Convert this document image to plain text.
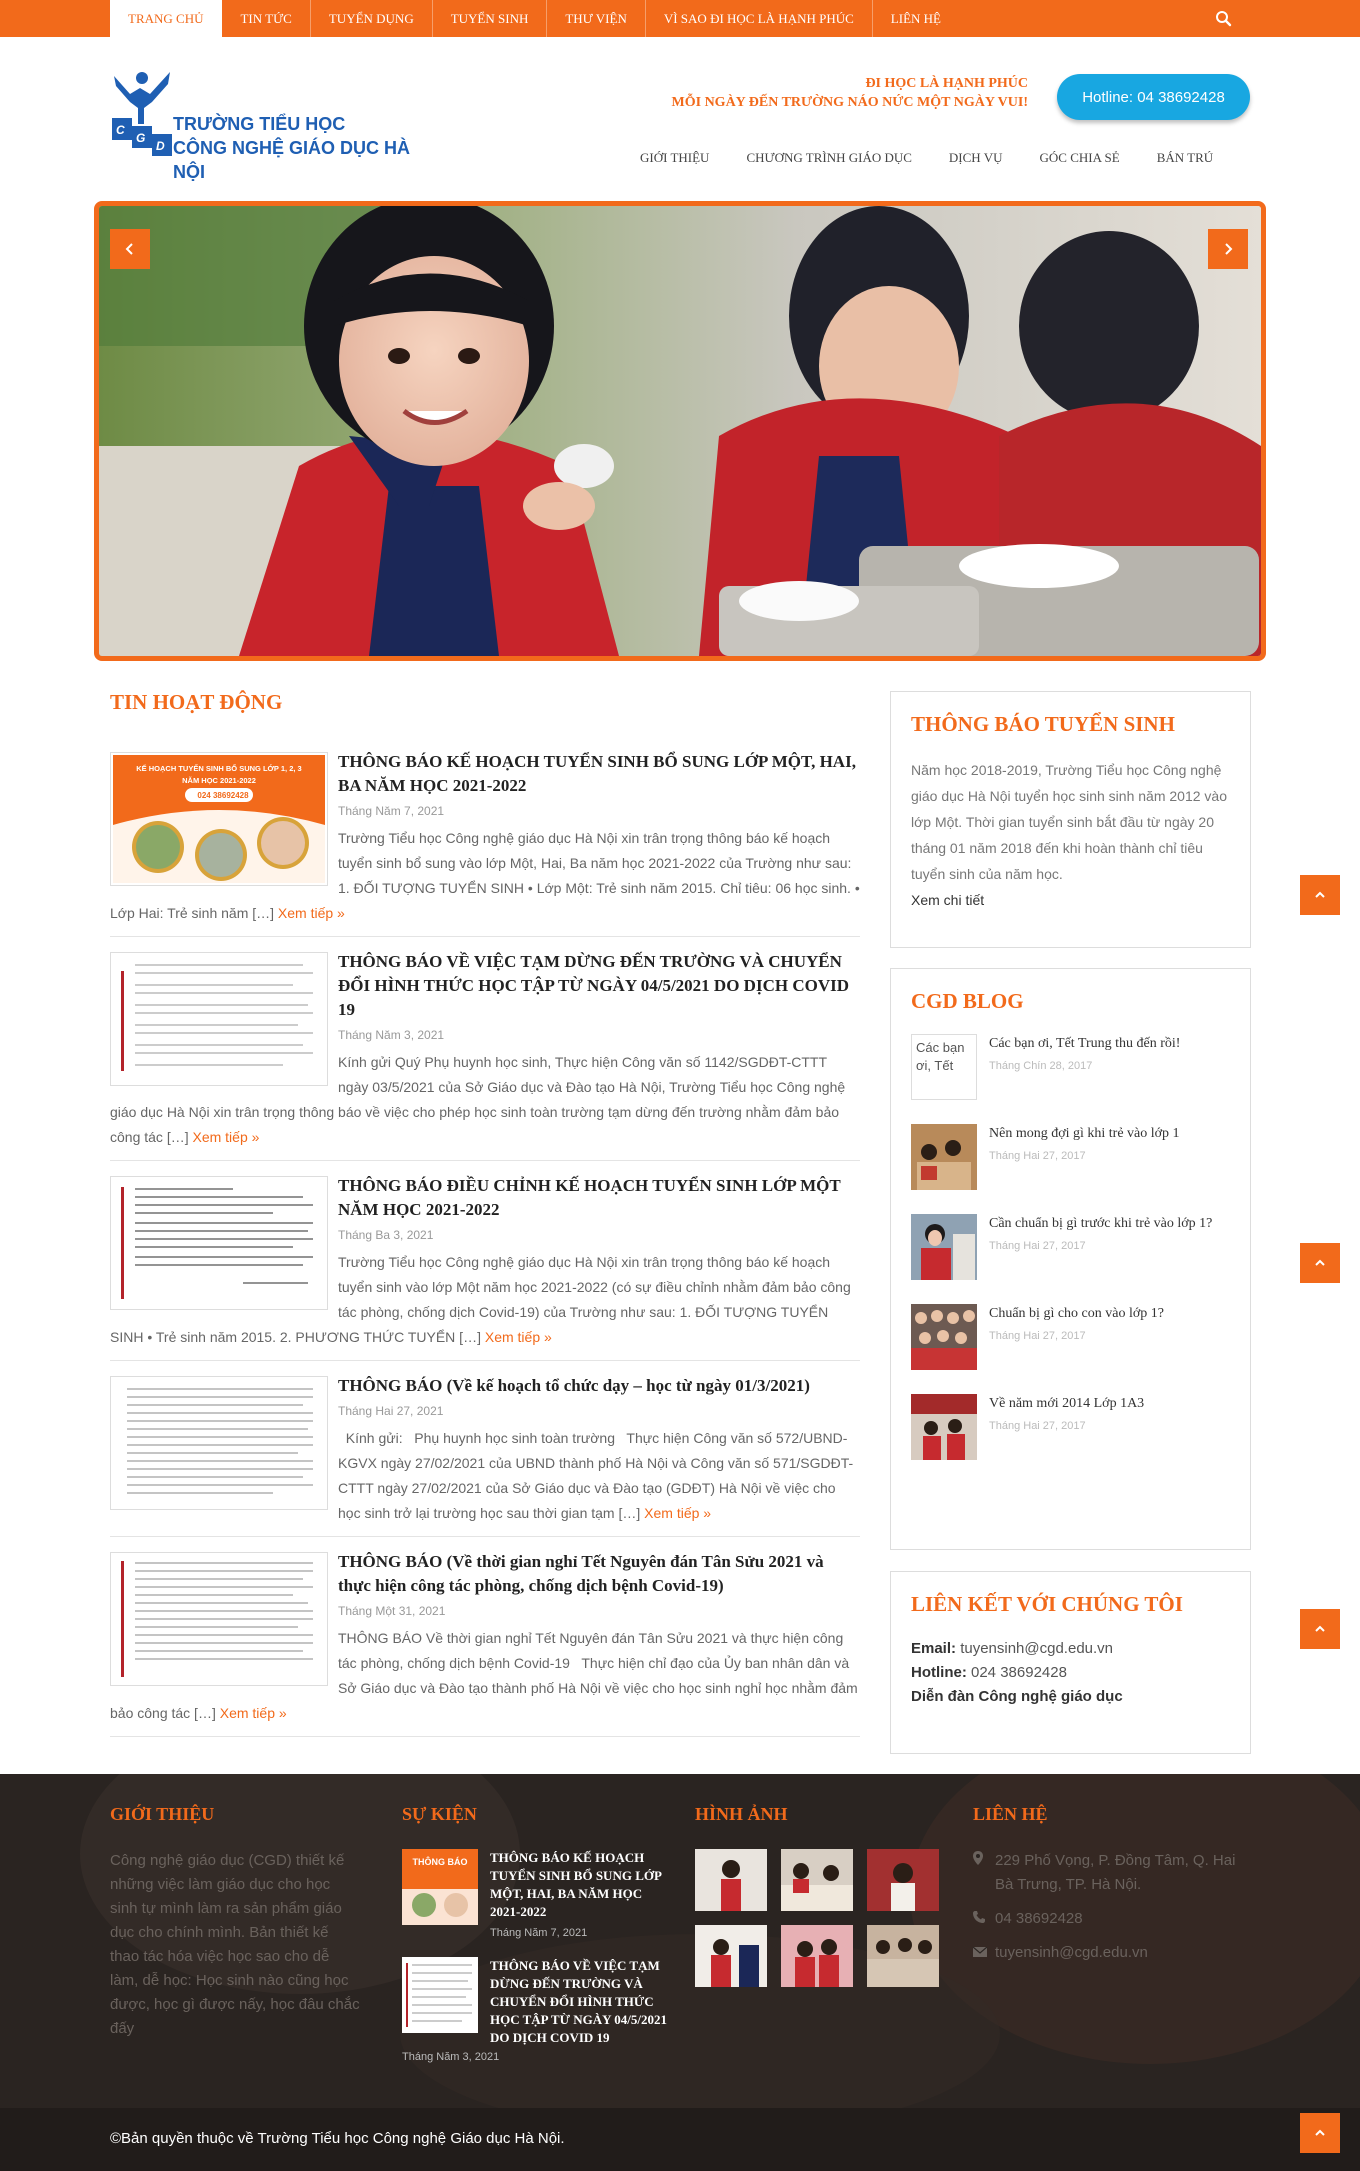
TRANG CHỦ	TIN TỨC	TUYỂN DỤNG	TUYỂN SINH	THƯ VIỆN	VÌ SAO ĐI HỌC LÀ HẠNH PHÚC	LIÊN HỆ
C
G
D
TRƯỜNG TIỂU HỌC
CÔNG NGHỆ GIÁO DỤC HÀ NỘI
ĐI HỌC LÀ HẠNH PHÚC
MỖI NGÀY ĐẾN TRƯỜNG NÁO NỨC MỘT NGÀY VUI!	Hotline: 04 38692428
GIỚI THIỆU	CHƯƠNG TRÌNH GIÁO DỤC	DỊCH VỤ	GÓC CHIA SẺ	BÁN TRÚ
TIN HOẠT ĐỘNG
KẾ HOẠCH TUYỂN SINH BỔ SUNG LỚP 1, 2, 3
NĂM HỌC 2021-2022
024 38692428
THÔNG BÁO KẾ HOẠCH TUYỂN SINH BỔ SUNG LỚP MỘT, HAI, BA NĂM HỌC 2021-2022
Tháng Năm 7, 2021
Trường Tiểu học Công nghệ giáo dục Hà Nội xin trân trọng thông báo kế hoạch tuyển sinh bổ sung vào lớp Một, Hai, Ba năm học 2021-2022 của Trường như sau: 1. ĐỐI TƯỢNG TUYỂN SINH • Lớp Một: Trẻ sinh năm 2015. Chỉ tiêu: 06 học sinh. • Lớp Hai: Trẻ sinh năm […] Xem tiếp »
THÔNG BÁO VỀ VIỆC TẠM DỪNG ĐẾN TRƯỜNG VÀ CHUYỂN ĐỔI HÌNH THỨC HỌC TẬP TỪ NGÀY 04/5/2021 DO DỊCH COVID 19
Tháng Năm 3, 2021
Kính gửi Quý Phụ huynh học sinh, Thực hiện Công văn số 1142/SGDĐT-CTTT ngày 03/5/2021 của Sở Giáo dục và Đào tạo Hà Nội, Trường Tiểu học Công nghệ giáo dục Hà Nội xin trân trọng thông báo về việc cho phép học sinh toàn trường tạm dừng đến trường nhằm đảm bảo công tác […] Xem tiếp »
THÔNG BÁO ĐIỀU CHỈNH KẾ HOẠCH TUYỂN SINH LỚP MỘT NĂM HỌC 2021-2022
Tháng Ba 3, 2021
Trường Tiểu học Công nghệ giáo dục Hà Nội xin trân trọng thông báo kế hoạch tuyển sinh vào lớp Một năm học 2021-2022 (có sự điều chỉnh nhằm đảm bảo công tác phòng, chống dịch Covid-19) của Trường như sau: 1. ĐỐI TƯỢNG TUYỂN SINH • Trẻ sinh năm 2015. 2. PHƯƠNG THỨC TUYỂN […] Xem tiếp »
THÔNG BÁO (Về kế hoạch tổ chức dạy – học từ ngày 01/3/2021)
Tháng Hai 27, 2021
Kính gửi:   Phụ huynh học sinh toàn trường   Thực hiện Công văn số 572/UBND-KGVX ngày 27/02/2021 của UBND thành phố Hà Nội và Công văn số 571/SGDĐT-CTTT ngày 27/02/2021 của Sở Giáo dục và Đào tạo (GDĐT) Hà Nội về việc cho học sinh trở lại trường học sau thời gian tạm […] Xem tiếp »
THÔNG BÁO (Về thời gian nghỉ Tết Nguyên đán Tân Sửu 2021 và thực hiện công tác phòng, chống dịch bệnh Covid-19)
Tháng Một 31, 2021
THÔNG BÁO Về thời gian nghỉ Tết Nguyên đán Tân Sửu 2021 và thực hiện công tác phòng, chống dịch bệnh Covid-19   Thực hiện chỉ đạo của Ủy ban nhân dân và Sở Giáo dục và Đào tạo thành phố Hà Nội về việc cho học sinh nghỉ học nhằm đảm bảo công tác […] Xem tiếp »
THÔNG BÁO TUYỂN SINH

Năm học 2018-2019, Trường Tiểu học Công nghệ giáo dục Hà Nội tuyển học sinh sinh năm 2012 vào lớp Một. Thời gian tuyển sinh bắt đầu từ ngày 20 tháng 01 năm 2018 đến khi hoàn thành chỉ tiêu tuyển sinh của năm học.

Xem chi tiết
CGD BLOG
Các bạn ơi, Tết
Các bạn ơi, Tết Trung thu đến rồi!
Tháng Chín 28, 2017
Nên mong đợi gì khi trẻ vào lớp 1
Tháng Hai 27, 2017
Cần chuẩn bị gì trước khi trẻ vào lớp 1?
Tháng Hai 27, 2017
Chuẩn bị gì cho con vào lớp 1?
Tháng Hai 27, 2017
Về năm mới 2014 Lớp 1A3
Tháng Hai 27, 2017
LIÊN KẾT VỚI CHÚNG TÔI
Email: tuyensinh@cgd.edu.vn
Hotline: 024 38692428
Diễn đàn Công nghệ giáo dục
GIỚI THIỆU
Công nghệ giáo dục (CGD) thiết kế những việc làm giáo dục cho học sinh tự mình làm ra sản phẩm giáo dục cho chính mình. Bản thiết kế thao tác hóa việc học sao cho dễ làm, dễ học: Học sinh nào cũng học được, học gì được nấy, học đâu chắc đấy
SỰ KIỆN
THÔNG BÁO THÔNG BÁO KẾ HOẠCH TUYỂN SINH BỔ SUNG LỚP MỘT, HAI, BA NĂM HỌC 2021-2022
Tháng Năm 7, 2021
THÔNG BÁO VỀ VIỆC TẠM DỪNG ĐẾN TRƯỜNG VÀ CHUYỂN ĐỔI HÌNH THỨC HỌC TẬP TỪ NGÀY 04/5/2021 DO DỊCH COVID 19
Tháng Năm 3, 2021
HÌNH ẢNH	LIÊN HỆ
229 Phố Vọng, P. Đồng Tâm, Q. Hai Bà Trưng, TP. Hà Nội.
04 38692428
tuyensinh@cgd.edu.vn
©Bản quyền thuộc về Trường Tiểu học Công nghệ Giáo dục Hà Nội.
